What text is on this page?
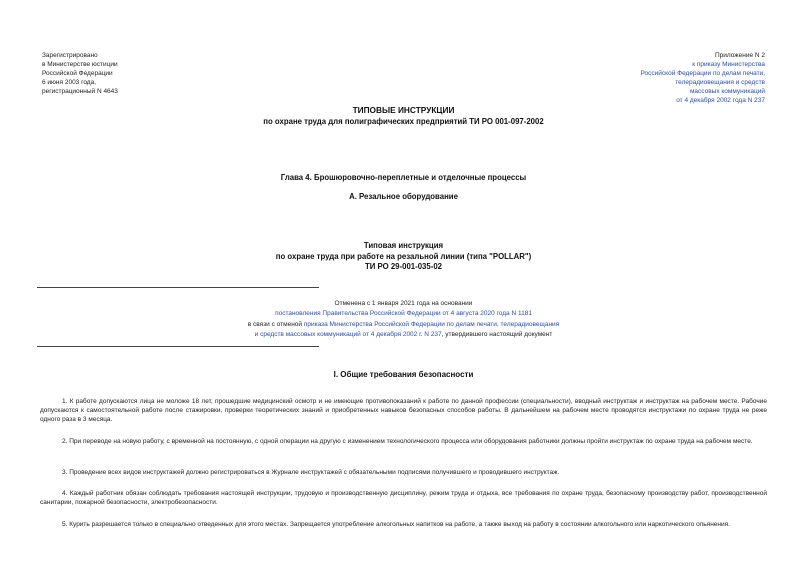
Зарегистрировано
в Министерстве юстиции
Российской Федерации
6 июня 2003 года,
регистрационный N 4643
Приложение N 2
к приказу Министерства
Российской Федерации по делам печати,
телерадиовещания и средств
массовых коммуникаций
от 4 декабря 2002 года N 237
ТИПОВЫЕ ИНСТРУКЦИИ
по охране труда для полиграфических предприятий ТИ РО 001-097-2002
Глава 4. Брошюровочно-переплетные и отделочные процессы
А. Резальное оборудование
Типовая инструкция
по охране труда при работе на резальной линии (типа "POLLAR")
ТИ РО 29-001-035-02
Отменена с 1 января 2021 года на основании
постановления Правительства Российской Федерации от 4 августа 2020 года N 1181
в связи с отменой приказа Министерства Российской Федерации по делам печати, телерадиовещания
и средств массовых коммуникаций от 4 декабря 2002 г. N 237, утвердившего настоящий документ
I. Общие требования безопасности

1. К работе допускаются лица не моложе 18 лет, прошедшие медицинский осмотр и не имеющие противопоказаний к работе по данной профессии (специальности), вводный инструктаж и инструктаж на рабочем месте. Рабочие допускаются к самостоятельной работе после стажировки, проверки теоретических знаний и приобретенных навыков безопасных способов работы. В дальнейшем на рабочем месте проводятся инструктажи по охране труда не реже одного раза в 3 месяца.

2. При переводе на новую работу, с временной на постоянную, с одной операции на другую с изменением технологического процесса или оборудования работники должны пройти инструктаж по охране труда на рабочем месте.

3. Проведение всех видов инструктажей должно регистрироваться в Журнале инструктажей с обязательными подписями получившего и проводившего инструктаж.

4. Каждый работник обязан соблюдать требования настоящей инструкции, трудовую и производственную дисциплину, режим труда и отдыха, все требования по охране труда, безопасному производству работ, производственной санитарии, пожарной безопасности, электробезопасности.

5. Курить разрешается только в специально отведенных для этого местах. Запрещается употребление алкогольных напитков на работе, а также выход на работу в состоянии алкогольного или наркотического опьянения.
